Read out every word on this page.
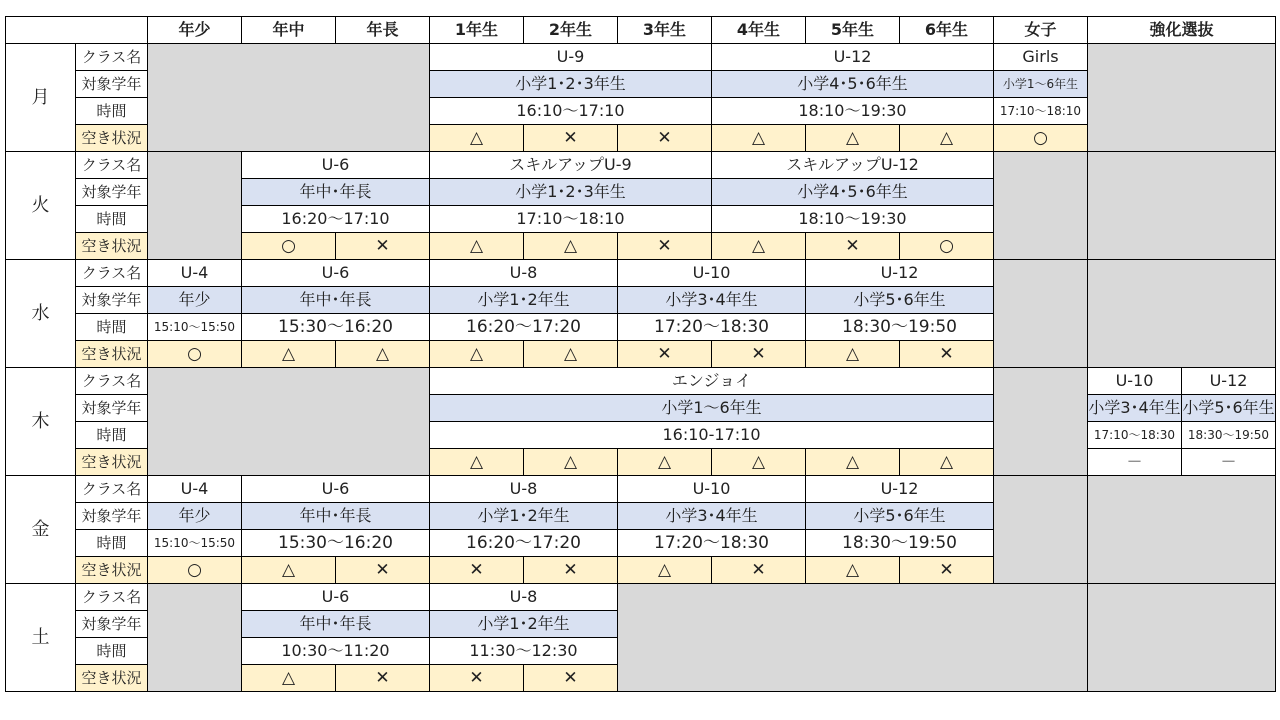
		年少	年中	年長	1年生	2年生	3年生	4年生	5年生	6年生	女子	強化選抜	
月	クラス名				U-9			U-12			Girls		
	対象学年				小学1･2･3年生			小学4･5･6年生			小学1～6年生		
	時間				16:10～17:10			18:10～19:30			17:10～18:10		
	空き状況				△	✕	✕	△	△	△	○		
火	クラス名		U-6		スキルアップU-9			スキルアップU-12					
	対象学年		年中･年長		小学1･2･3年生			小学4･5･6年生					
	時間		16:20～17:10		17:10～18:10			18:10～19:30					
	空き状況		○	✕	△	△	✕	△	✕	○			
水	クラス名	U-4	U-6		U-8		U-10		U-12				
	対象学年	年少	年中･年長		小学1･2年生		小学3･4年生		小学5･6年生				
	時間	15:10～15:50	15:30～16:20		16:20～17:20		17:20～18:30		18:30～19:50				
	空き状況	○	△	△	△	△	✕	✕	△	✕			
木	クラス名				エンジョイ							U-10	U-12
	対象学年				小学1～6年生							小学3･4年生	小学5･6年生
	時間				16:10-17:10							17:10～18:30	18:30～19:50
	空き状況				△	△	△	△	△	△		－	－
金	クラス名	U-4	U-6		U-8		U-10		U-12				
	対象学年	年少	年中･年長		小学1･2年生		小学3･4年生		小学5･6年生				
	時間	15:10～15:50	15:30～16:20		16:20～17:20		17:20～18:30		18:30～19:50				
	空き状況	○	△	✕	✕	✕	△	✕	△	✕			
土	クラス名		U-6		U-8								
	対象学年		年中･年長		小学1･2年生								
	時間		10:30～11:20		11:30～12:30								
	空き状況		△	✕	✕	✕							
